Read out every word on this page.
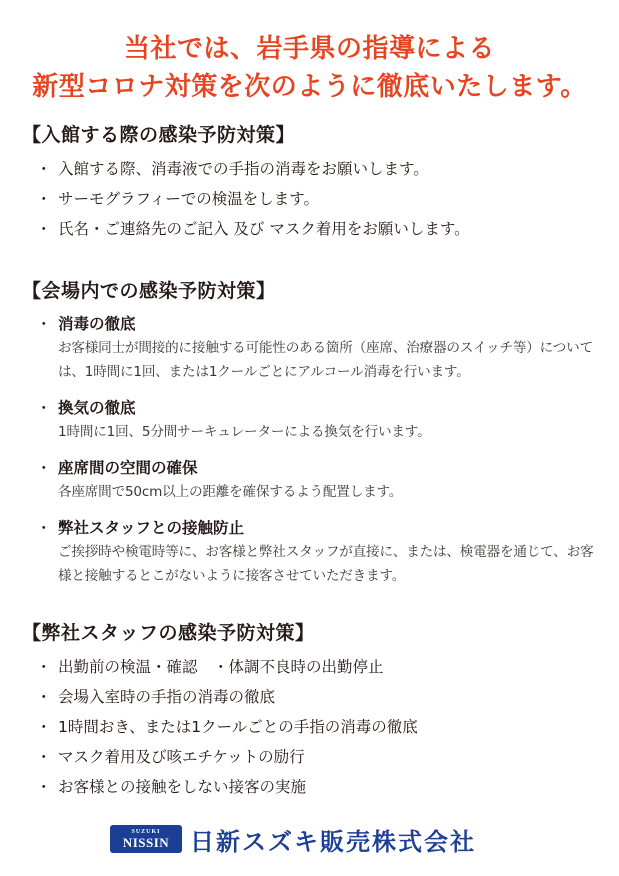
当社では、岩手県の指導による
新型コロナ対策を次のように徹底いたします。
【入館する際の感染予防対策】
・ 入館する際、消毒液での手指の消毒をお願いします。
・ サーモグラフィーでの検温をします。
・ 氏名・ご連絡先のご記入 及び マスク着用をお願いします。
【会場内での感染予防対策】
・ 消毒の徹底
お客様同士が間接的に接触する可能性のある箇所（座席、治療器のスイッチ等）については、1時間に1回、または1クールごとにアルコール消毒を行います。
・ 換気の徹底
1時間に1回、5分間サーキュレーターによる換気を行います。
・ 座席間の空間の確保
各座席間で50cm以上の距離を確保するよう配置します。
・ 弊社スタッフとの接触防止
ご挨拶時や検電時等に、お客様と弊社スタッフが直接に、または、検電器を通じて、お客様と接触するとこがないように接客させていただきます。
【弊社スタッフの感染予防対策】
・ 出勤前の検温・確認　・体調不良時の出勤停止
・ 会場入室時の手指の消毒の徹底
・ 1時間おき、または1クールごとの手指の消毒の徹底
・ マスク着用及び咳エチケットの励行
・ お客様との接触をしない接客の実施
SUZUKI
NISSIN 日新スズキ販売株式会社
